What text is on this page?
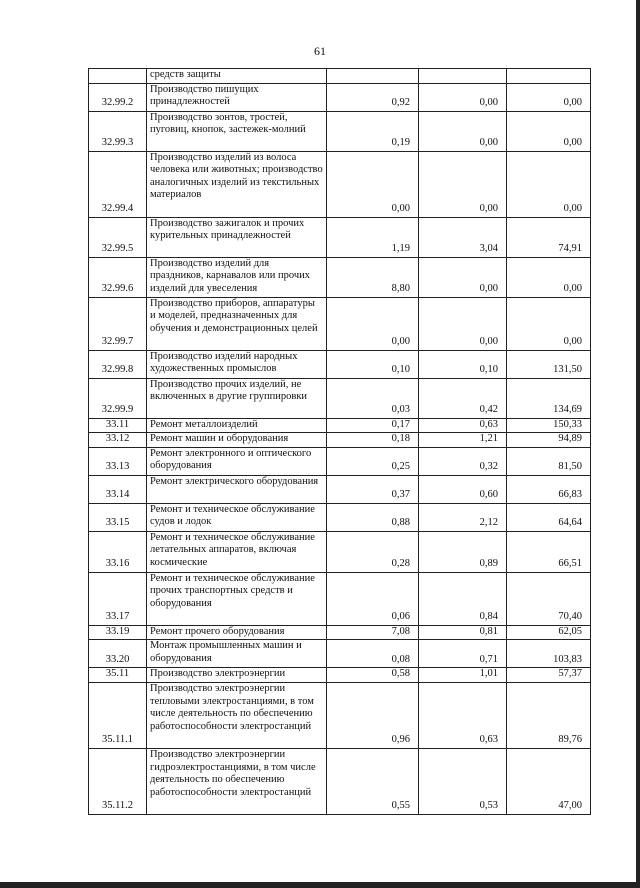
61
	средств защиты			
32.99.2	Производство пишущих принадлежностей	0,92	0,00	0,00
32.99.3	Производство зонтов, тростей, пуговиц, кнопок, застежек-молний	0,19	0,00	0,00
32.99.4	Производство изделий из волоса человека или животных; производство аналогичных изделий из текстильных материалов	0,00	0,00	0,00
32.99.5	Производство зажигалок и прочих курительных принадлежностей	1,19	3,04	74,91
32.99.6	Производство изделий для праздников, карнавалов или прочих изделий для увеселения	8,80	0,00	0,00
32.99.7	Производство приборов, аппаратуры и моделей, предназначенных для обучения и демонстрационных целей	0,00	0,00	0,00
32.99.8	Производство изделий народных художественных промыслов	0,10	0,10	131,50
32.99.9	Производство прочих изделий, не включенных в другие группировки	0,03	0,42	134,69
33.11	Ремонт металлоизделий	0,17	0,63	150,33
33.12	Ремонт машин и оборудования	0,18	1,21	94,89
33.13	Ремонт электронного и оптического оборудования	0,25	0,32	81,50
33.14	Ремонт электрического оборудования	0,37	0,60	66,83
33.15	Ремонт и техническое обслуживание судов и лодок	0,88	2,12	64,64
33.16	Ремонт и техническое обслуживание летательных аппаратов, включая космические	0,28	0,89	66,51
33.17	Ремонт и техническое обслуживание прочих транспортных средств и оборудования	0,06	0,84	70,40
33.19	Ремонт прочего оборудования	7,08	0,81	62,05
33.20	Монтаж промышленных машин и оборудования	0,08	0,71	103,83
35.11	Производство электроэнергии	0,58	1,01	57,37
35.11.1	Производство электроэнергии тепловыми электростанциями, в том числе деятельность по обеспечению работоспособности электростанций	0,96	0,63	89,76
35.11.2	Производство электроэнергии гидроэлектростанциями, в том числе деятельность по обеспечению работоспособности электростанций	0,55	0,53	47,00
